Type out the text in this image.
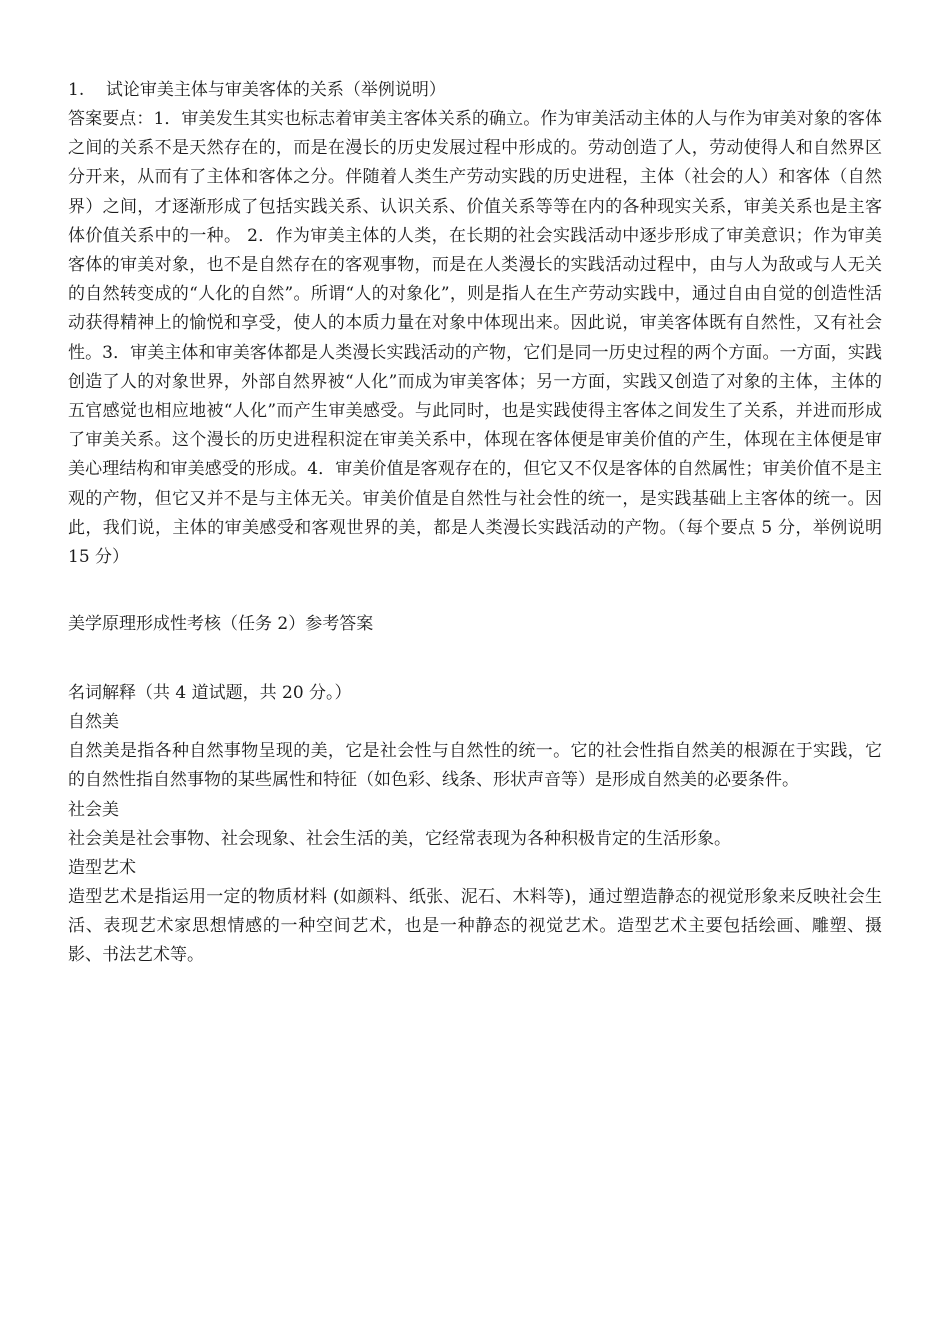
1. 试论审美主体与审美客体的关系（举例说明）

答案要点：1．审美发生其实也标志着审美主客体关系的确立。作为审美活动主体的人与作为审美对象的客体之间的关系不是天然存在的，而是在漫长的历史发展过程中形成的。劳动创造了人，劳动使得人和自然界区分开来，从而有了主体和客体之分。伴随着人类生产劳动实践的历史进程，主体（社会的人）和客体（自然界）之间，才逐渐形成了包括实践关系、认识关系、价值关系等等在内的各种现实关系，审美关系也是主客体价值关系中的一种。 2．作为审美主体的人类，在长期的社会实践活动中逐步形成了审美意识；作为审美客体的审美对象，也不是自然存在的客观事物，而是在人类漫长的实践活动过程中，由与人为敌或与人无关的自然转变成的“人化的自然”。所谓“人的对象化”，则是指人在生产劳动实践中，通过自由自觉的创造性活动获得精神上的愉悦和享受，使人的本质力量在对象中体现出来。因此说，审美客体既有自然性，又有社会性。3．审美主体和审美客体都是人类漫长实践活动的产物，它们是同一历史过程的两个方面。一方面，实践创造了人的对象世界，外部自然界被“人化”而成为审美客体；另一方面，实践又创造了对象的主体，主体的五官感觉也相应地被“人化”而产生审美感受。与此同时，也是实践使得主客体之间发生了关系，并进而形成了审美关系。这个漫长的历史进程积淀在审美关系中，体现在客体便是审美价值的产生，体现在主体便是审美心理结构和审美感受的形成。4．审美价值是客观存在的，但它又不仅是客体的自然属性；审美价值不是主观的产物，但它又并不是与主体无关。审美价值是自然性与社会性的统一，是实践基础上主客体的统一。因此，我们说，主体的审美感受和客观世界的美，都是人类漫长实践活动的产物。（每个要点 5 分，举例说明 15 分）

美学原理形成性考核（任务 2）参考答案

名词解释（共 4 道试题，共 20 分。）

自然美

自然美是指各种自然事物呈现的美，它是社会性与自然性的统一。它的社会性指自然美的根源在于实践，它的自然性指自然事物的某些属性和特征（如色彩、线条、形状声音等）是形成自然美的必要条件。

社会美

社会美是社会事物、社会现象、社会生活的美，它经常表现为各种积极肯定的生活形象。

造型艺术

造型艺术是指运用一定的物质材料 (如颜料、纸张、泥石、木料等)，通过塑造静态的视觉形象来反映社会生活、表现艺术家思想情感的一种空间艺术，也是一种静态的视觉艺术。造型艺术主要包括绘画、雕塑、摄影、书法艺术等。
